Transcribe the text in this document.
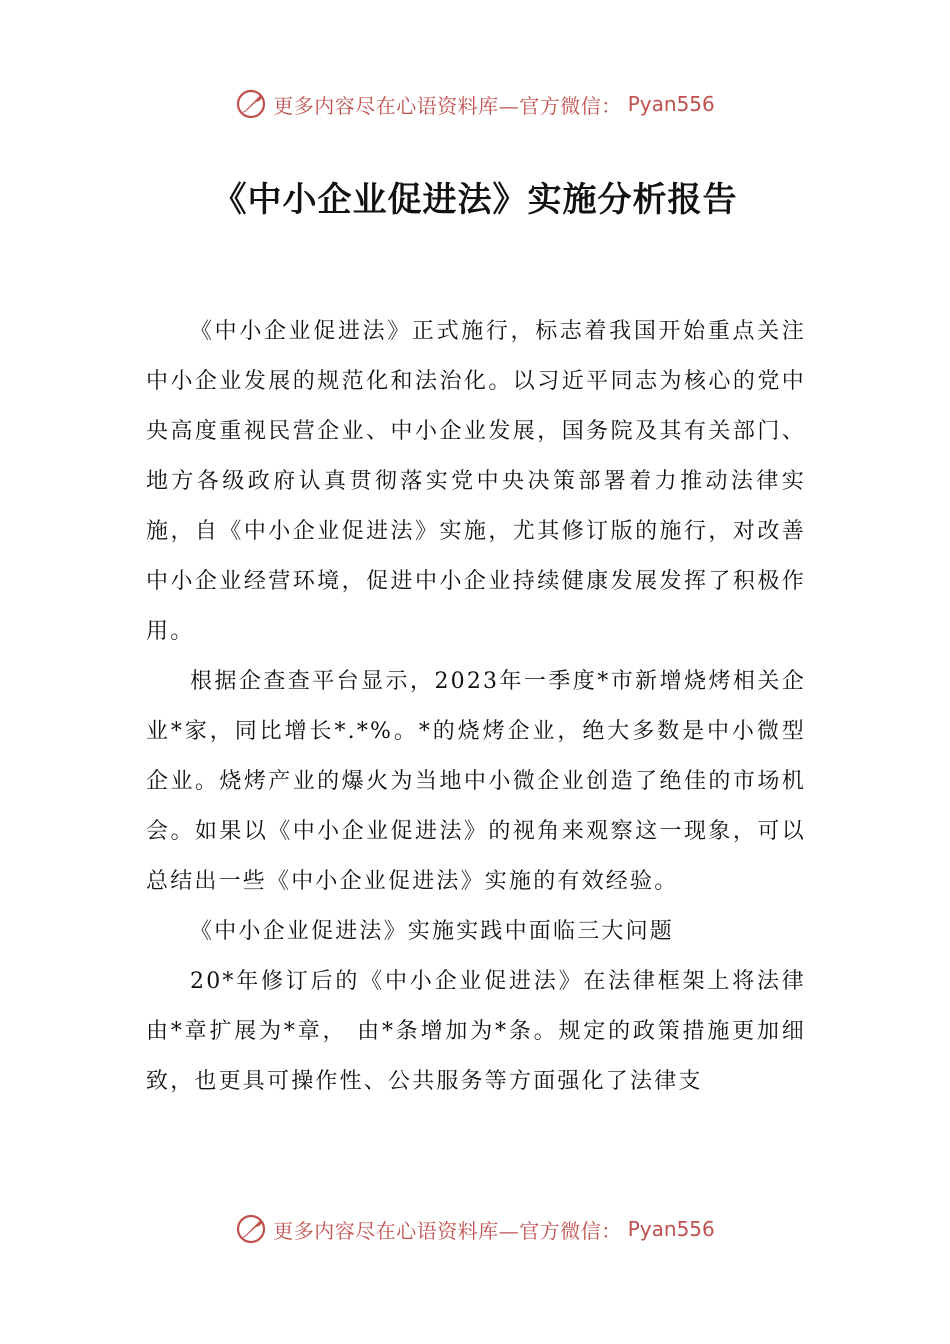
更多内容尽在心语资料库—官方微信： Pyan556
《中小企业促进法》实施分析报告

《中小企业促进法》正式施行，标志着我国开始重点关注中小企业发展的规范化和法治化。以习近平同志为核心的党中央高度重视民营企业、中小企业发展，国务院及其有关部门、地方各级政府认真贯彻落实党中央决策部署着力推动法律实施，自《中小企业促进法》实施，尤其修订版的施行，对改善中小企业经营环境，促进中小企业持续健康发展发挥了积极作用。

根据企查查平台显示，2023年一季度*市新增烧烤相关企业*家，同比增长*.*%。*的烧烤企业，绝大多数是中小微型企业。烧烤产业的爆火为当地中小微企业创造了绝佳的市场机会。如果以《中小企业促进法》的视角来观察这一现象，可以总结出一些《中小企业促进法》实施的有效经验。

《中小企业促进法》实施实践中面临三大问题

20*年修订后的《中小企业促进法》在法律框架上将法律由*章扩展为*章， 由*条增加为*条。规定的政策措施更加细致，也更具可操作性、公共服务等方面强化了法律支

更多内容尽在心语资料库—官方微信： Pyan556
